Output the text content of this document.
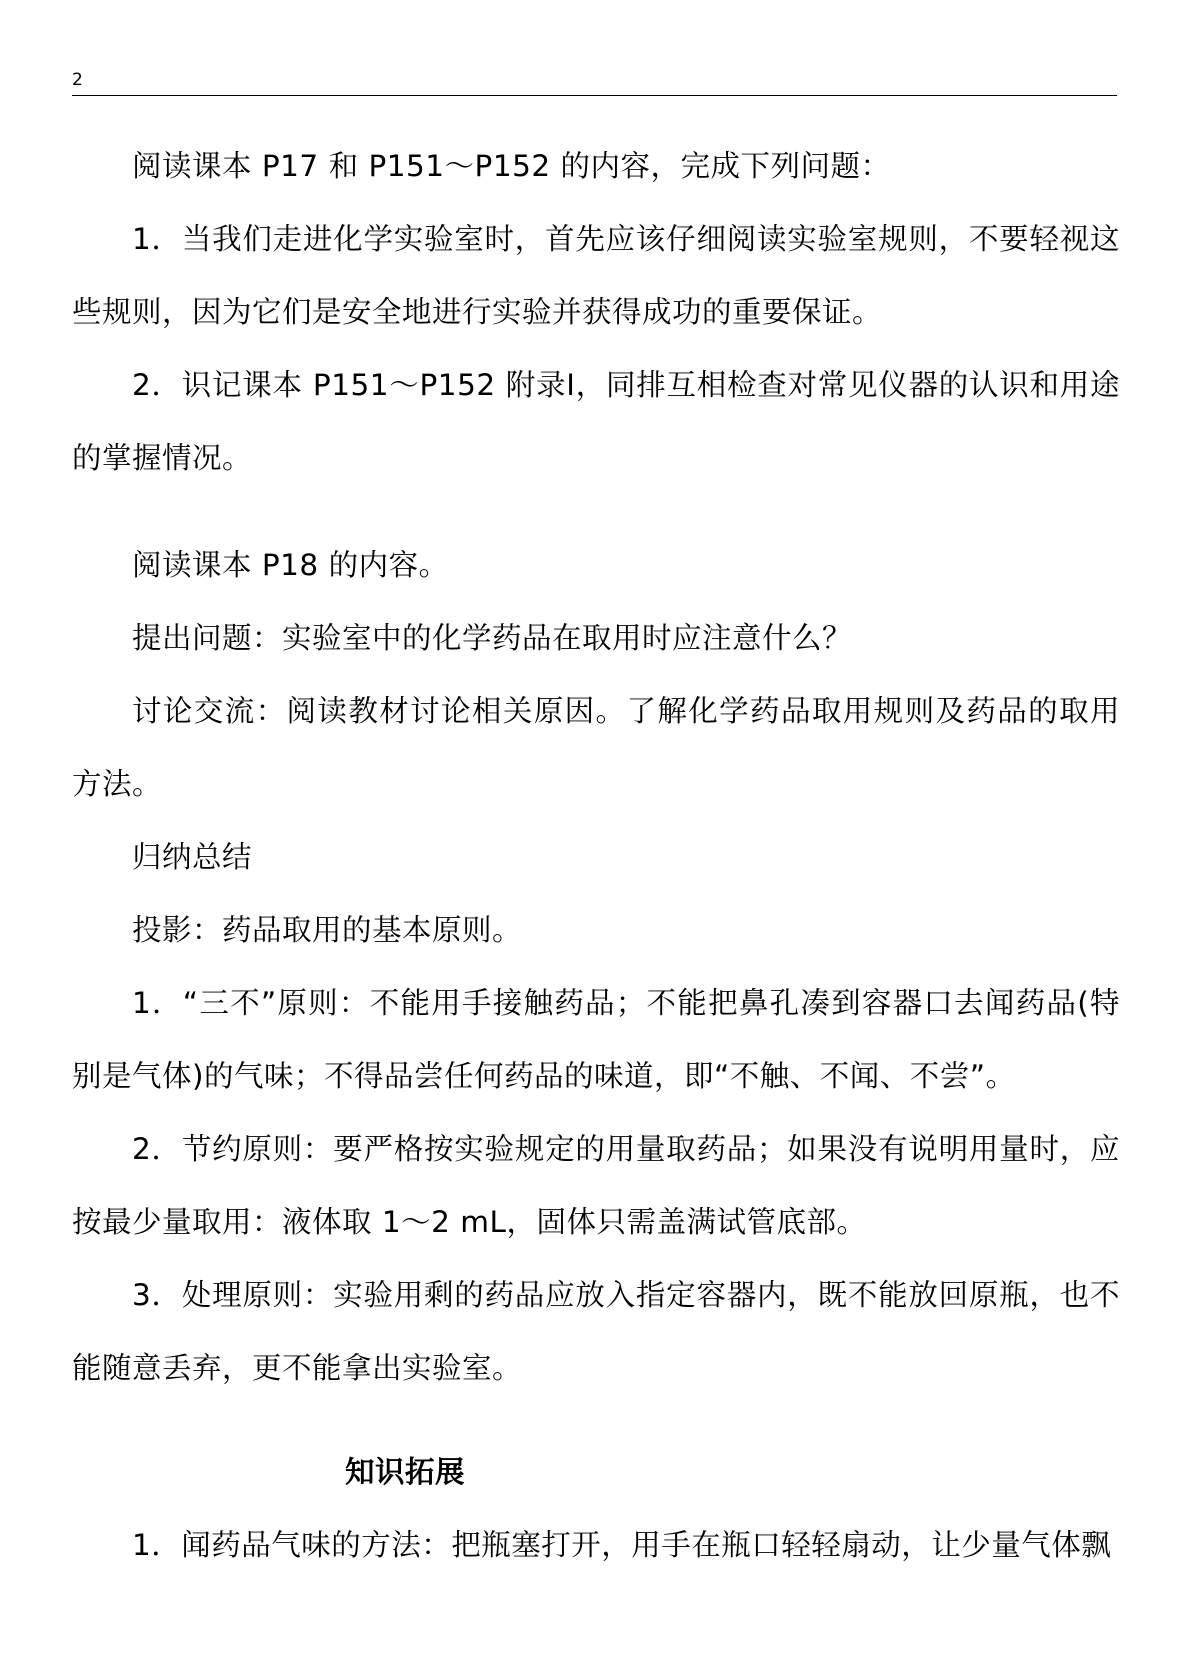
2

阅读课本 P17 和 P151～P152 的内容，完成下列问题：

1．当我们走进化学实验室时，首先应该仔细阅读实验室规则，不要轻视这些规则，因为它们是安全地进行实验并获得成功的重要保证。

2．识记课本 P151～P152 附录Ⅰ，同排互相检查对常见仪器的认识和用途的掌握情况。

阅读课本 P18 的内容。

提出问题：实验室中的化学药品在取用时应注意什么？

讨论交流：阅读教材讨论相关原因。了解化学药品取用规则及药品的取用方法。

归纳总结

投影：药品取用的基本原则。

1．“三不”原则：不能用手接触药品；不能把鼻孔凑到容器口去闻药品(特别是气体)的气味；不得品尝任何药品的味道，即“不触、不闻、不尝”。

2．节约原则：要严格按实验规定的用量取药品；如果没有说明用量时，应按最少量取用：液体取 1～2 mL，固体只需盖满试管底部。

3．处理原则：实验用剩的药品应放入指定容器内，既不能放回原瓶，也不能随意丢弃，更不能拿出实验室。

知识拓展

1．闻药品气味的方法：把瓶塞打开，用手在瓶口轻轻扇动，让少量气体飘
